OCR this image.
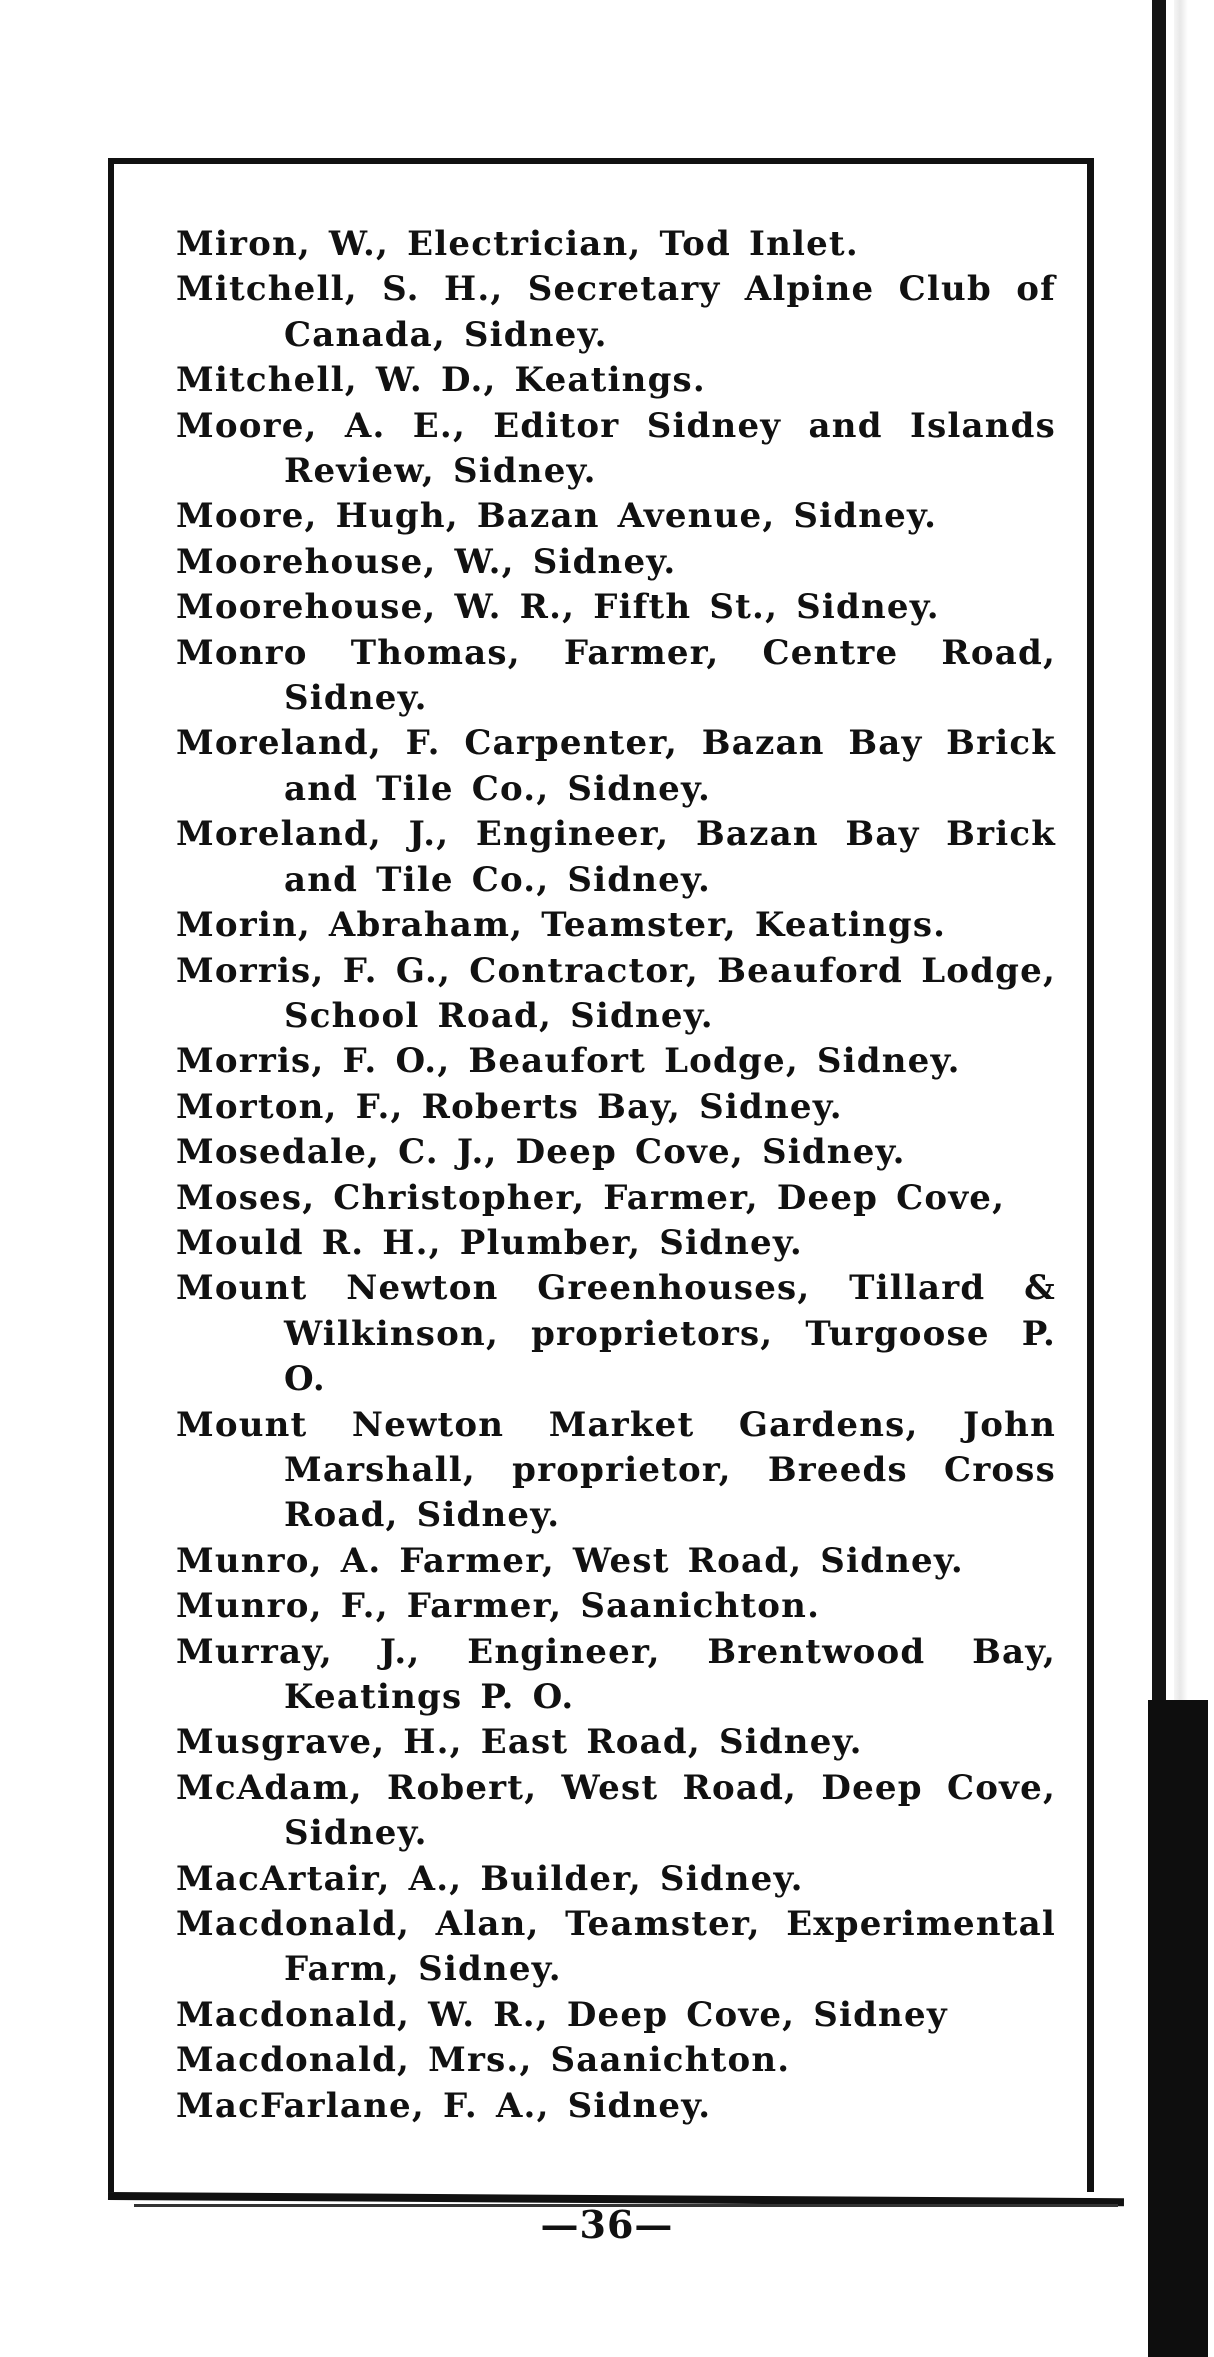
Miron, W., Electrician, Tod Inlet.
Mitchell, S. H., Secretary Alpine Club of Canada, Sidney.
Mitchell, W. D., Keatings.
Moore, A. E., Editor Sidney and Islands Review, Sidney.
Moore, Hugh, Bazan Avenue, Sidney.
Moorehouse, W., Sidney.
Moorehouse, W. R., Fifth St., Sidney.
Monro Thomas, Farmer, Centre Road, Sidney.
Moreland, F. Carpenter, Bazan Bay Brick and Tile Co., Sidney.
Moreland, J., Engineer, Bazan Bay Brick and Tile Co., Sidney.
Morin, Abraham, Teamster, Keatings.
Morris, F. G., Contractor, Beauford Lodge, School Road, Sidney.
Morris, F. O., Beaufort Lodge, Sidney.
Morton, F., Roberts Bay, Sidney.
Mosedale, C. J., Deep Cove, Sidney.
Moses, Christopher, Farmer, Deep Cove,
Mould R. H., Plumber, Sidney.
Mount Newton Greenhouses, Tillard & Wilkinson, proprietors, Turgoose P. O.
Mount Newton Market Gardens, John Marshall, proprietor, Breeds Cross Road, Sidney.
Munro, A. Farmer, West Road, Sidney.
Munro, F., Farmer, Saanichton.
Murray, J., Engineer, Brentwood Bay, Keatings P. O.
Musgrave, H., East Road, Sidney.
McAdam, Robert, West Road, Deep Cove, Sidney.
MacArtair, A., Builder, Sidney.
Macdonald, Alan, Teamster, Experimental Farm, Sidney.
Macdonald, W. R., Deep Cove, Sidney
Macdonald, Mrs., Saanichton.
MacFarlane, F. A., Sidney.
—36—
